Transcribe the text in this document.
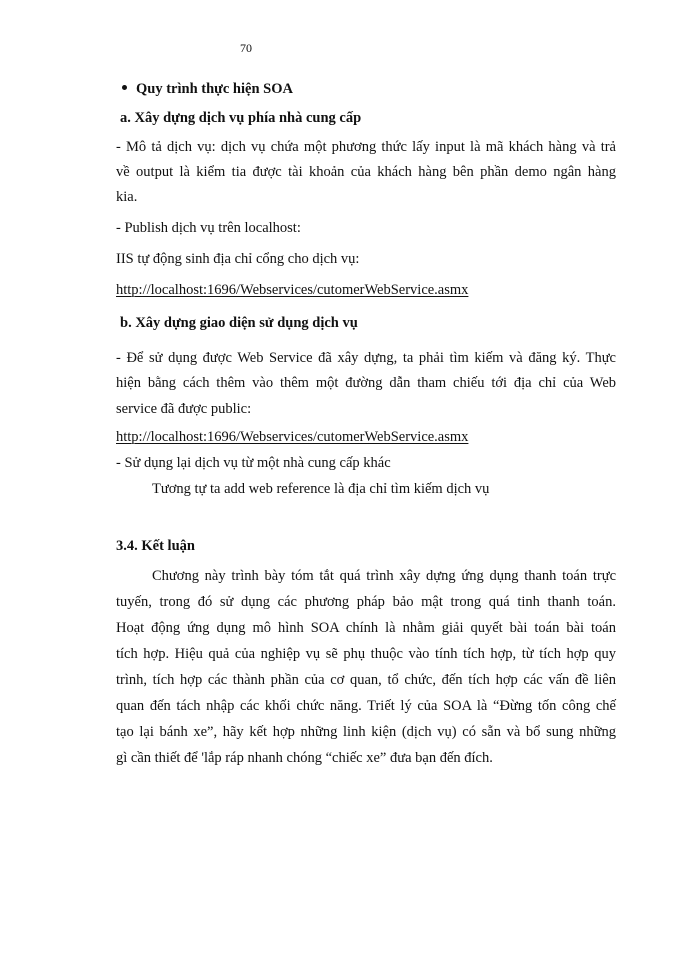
70
Quy trình thực hiện SOA
a. Xây dựng dịch vụ phía nhà cung cấp
- Mô tả dịch vụ: dịch vụ chứa một phương thức lấy input là mã khách hàng và trả
về output là kiểm tia được tài khoản của khách hàng bên phần demo ngân hàng
kia.
- Publish dịch vụ trên localhost:
IIS tự động sinh địa chỉ cổng cho dịch vụ:
http://localhost:1696/Webservices/cutomerWebService.asmx
b. Xây dựng giao diện sử dụng dịch vụ
- Để sử dụng được Web Service đã xây dựng, ta phải tìm kiếm và đăng ký. Thực
hiện bằng cách thêm vào thêm một đường dẫn tham chiếu tới địa chỉ của Web
service đã được public:
http://localhost:1696/Webservices/cutomerWebService.asmx
- Sử dụng lại dịch vụ từ một nhà cung cấp khác
Tương tự ta add web reference là địa chỉ tìm kiếm dịch vụ
3.4. Kết luận
Chương này trình bày tóm tắt quá trình xây dựng ứng dụng thanh toán trực
tuyến, trong đó sử dụng các phương pháp bảo mật trong quá tinh thanh toán.
Hoạt động ứng dụng mô hình SOA chính là nhằm giải quyết bài toán bài toán
tích hợp. Hiệu quả của nghiệp vụ sẽ phụ thuộc vào tính tích hợp, từ tích hợp quy
trình, tích hợp các thành phần của cơ quan, tổ chức, đến tích hợp các vấn đề liên
quan đến tách nhập các khối chức năng. Triết lý của SOA là “Đừng tốn công chế
tạo lại bánh xe”, hãy kết hợp những linh kiện (dịch vụ) có sẵn và bổ sung những
gì cần thiết để 'lắp ráp nhanh chóng “chiếc xe” đưa bạn đến đích.
